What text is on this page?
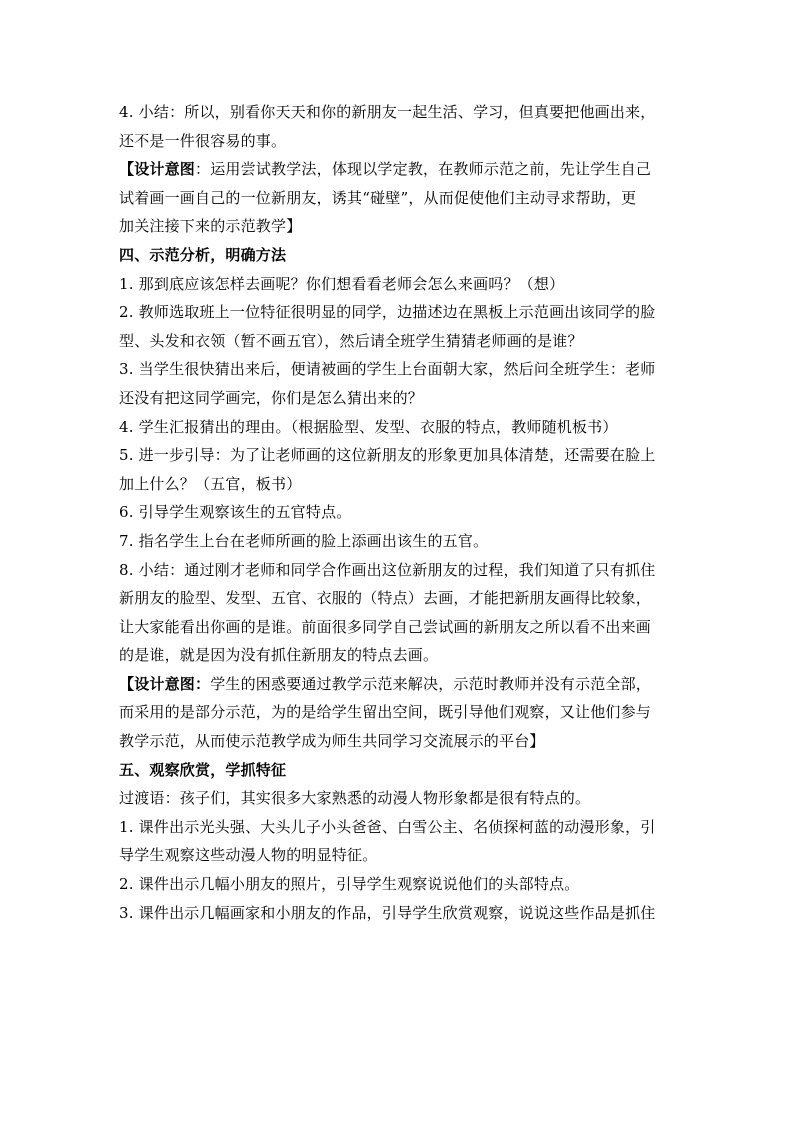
4. 小结：所以，别看你天天和你的新朋友一起生活、学习，但真要把他画出来，
还不是一件很容易的事。
【设计意图：运用尝试教学法，体现以学定教，在教师示范之前，先让学生自己
试着画一画自己的一位新朋友，诱其“碰壁”，从而促使他们主动寻求帮助，更
加关注接下来的示范教学】
四、示范分析，明确方法
1. 那到底应该怎样去画呢？你们想看看老师会怎么来画吗？（想）
2. 教师选取班上一位特征很明显的同学，边描述边在黑板上示范画出该同学的脸
型、头发和衣领（暂不画五官），然后请全班学生猜猜老师画的是谁？
3. 当学生很快猜出来后，便请被画的学生上台面朝大家，然后问全班学生：老师
还没有把这同学画完，你们是怎么猜出来的？
4. 学生汇报猜出的理由。（根据脸型、发型、衣服的特点，教师随机板书）
5. 进一步引导：为了让老师画的这位新朋友的形象更加具体清楚，还需要在脸上
加上什么？（五官，板书）
6. 引导学生观察该生的五官特点。
7. 指名学生上台在老师所画的脸上添画出该生的五官。
8. 小结：通过刚才老师和同学合作画出这位新朋友的过程，我们知道了只有抓住
新朋友的脸型、发型、五官、衣服的（特点）去画，才能把新朋友画得比较象，
让大家能看出你画的是谁。前面很多同学自己尝试画的新朋友之所以看不出来画
的是谁，就是因为没有抓住新朋友的特点去画。
【设计意图：学生的困惑要通过教学示范来解决，示范时教师并没有示范全部，
而采用的是部分示范，为的是给学生留出空间，既引导他们观察，又让他们参与
教学示范，从而使示范教学成为师生共同学习交流展示的平台】
五、观察欣赏，学抓特征
过渡语：孩子们，其实很多大家熟悉的动漫人物形象都是很有特点的。
1. 课件出示光头强、大头儿子小头爸爸、白雪公主、名侦探柯蓝的动漫形象，引
导学生观察这些动漫人物的明显特征。
2. 课件出示几幅小朋友的照片，引导学生观察说说他们的头部特点。
3. 课件出示几幅画家和小朋友的作品，引导学生欣赏观察，说说这些作品是抓住
